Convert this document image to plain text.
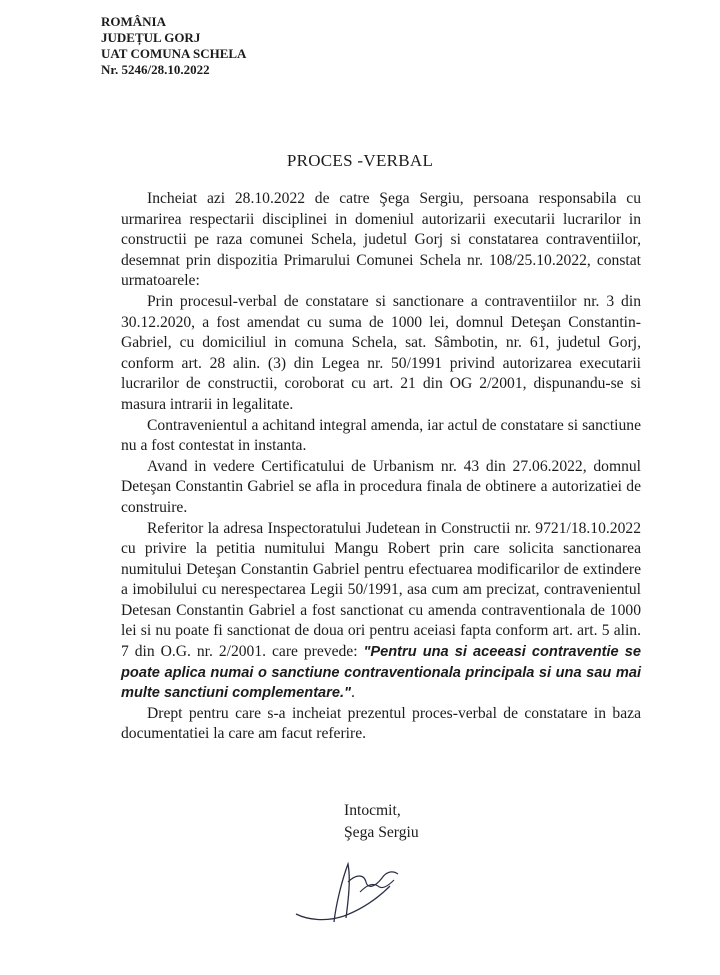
ROMÂNIA
JUDEȚUL GORJ
UAT COMUNA SCHELA
Nr. 5246/28.10.2022
PROCES -VERBAL

Incheiat azi 28.10.2022 de catre Şega Sergiu, persoana responsabila cu urmarirea respectarii disciplinei in domeniul autorizarii executarii lucrarilor in constructii pe raza comunei Schela, judetul Gorj si constatarea contraventiilor, desemnat prin dispozitia Primarului Comunei Schela nr. 108/25.10.2022, constat urmatoarele:

Prin procesul-verbal de constatare si sanctionare a contraventiilor nr. 3 din 30.12.2020, a fost amendat cu suma de 1000 lei, domnul Deteşan Constantin-Gabriel, cu domiciliul in comuna Schela, sat. Sâmbotin, nr. 61, judetul Gorj, conform art. 28 alin. (3) din Legea nr. 50/1991 privind autorizarea executarii lucrarilor de constructii, coroborat cu art. 21 din OG 2/2001, dispunandu-se si masura intrarii in legalitate.

Contravenientul a achitand integral amenda, iar actul de constatare si sanctiune nu a fost contestat in instanta.

Avand in vedere Certificatului de Urbanism nr. 43 din 27.06.2022, domnul Deteşan Constantin Gabriel se afla in procedura finala de obtinere a autorizatiei de construire.

Referitor la adresa Inspectoratului Judetean in Constructii nr. 9721/18.10.2022 cu privire la petitia numitului Mangu Robert prin care solicita sanctionarea numitului Deteşan Constantin Gabriel pentru efectuarea modificarilor de extindere a imobilului cu nerespectarea Legii 50/1991, asa cum am precizat, contravenientul Detesan Constantin Gabriel a fost sanctionat cu amenda contraventionala de 1000 lei si nu poate fi sanctionat de doua ori pentru aceiasi fapta conform art. art. 5 alin. 7 din O.G. nr. 2/2001. care prevede: "Pentru una si aceeasi contraventie se poate aplica numai o sanctiune contraventionala principala si una sau mai multe sanctiuni complementare.".

Drept pentru care s-a incheiat prezentul proces-verbal de constatare in baza documentatiei la care am facut referire.

Intocmit,
Şega Sergiu
